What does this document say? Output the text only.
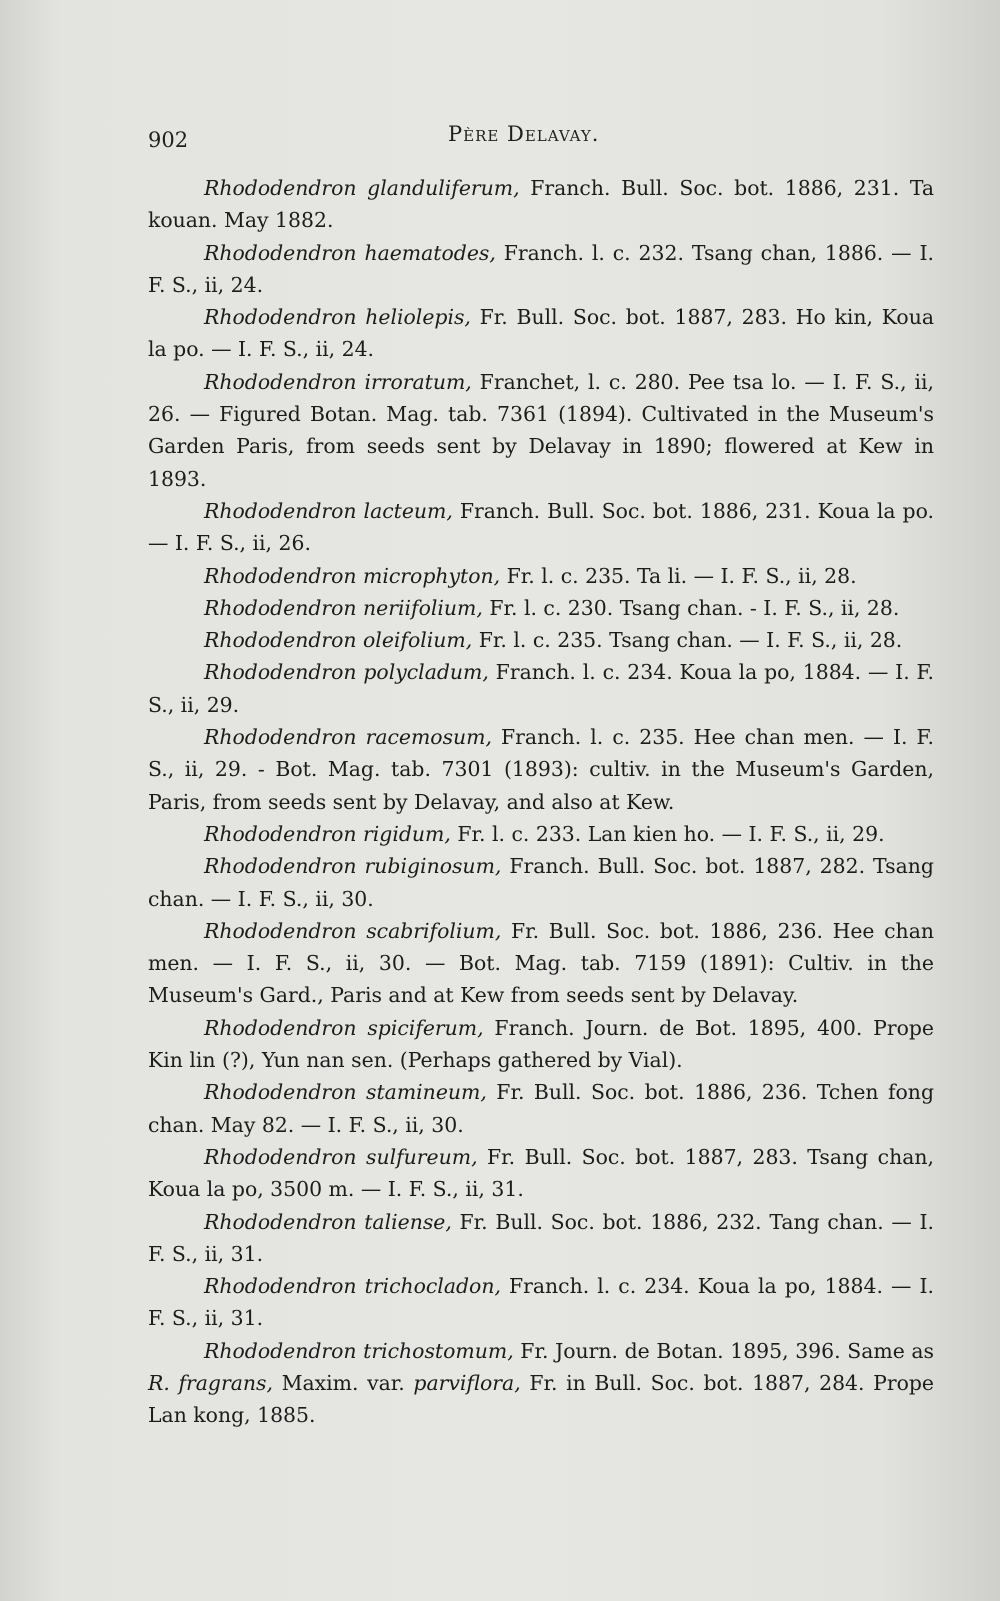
902	Père Delavay.

Rhododendron glanduliferum, Franch. Bull. Soc. bot. 1886, 231. Ta kouan. May 1882.

Rhododendron haematodes, Franch. l. c. 232. Tsang chan, 1886. — I. F. S., ii, 24.

Rhododendron heliolepis, Fr. Bull. Soc. bot. 1887, 283. Ho kin, Koua la po. — I. F. S., ii, 24.

Rhododendron irroratum, Franchet, l. c. 280. Pee tsa lo. — I. F. S., ii, 26. — Figured Botan. Mag. tab. 7361 (1894). Cultivated in the Museum's Garden Paris, from seeds sent by Delavay in 1890; flowered at Kew in 1893.

Rhododendron lacteum, Franch. Bull. Soc. bot. 1886, 231. Koua la po. — I. F. S., ii, 26.

Rhododendron microphyton, Fr. l. c. 235. Ta li. — I. F. S., ii, 28.

Rhododendron neriifolium, Fr. l. c. 230. Tsang chan. - I. F. S., ii, 28.

Rhododendron oleifolium, Fr. l. c. 235. Tsang chan. — I. F. S., ii, 28.

Rhododendron polycladum, Franch. l. c. 234. Koua la po, 1884. — I. F. S., ii, 29.

Rhododendron racemosum, Franch. l. c. 235. Hee chan men. — I. F. S., ii, 29. - Bot. Mag. tab. 7301 (1893): cultiv. in the Museum's Garden, Paris, from seeds sent by Delavay, and also at Kew.

Rhododendron rigidum, Fr. l. c. 233. Lan kien ho. — I. F. S., ii, 29.

Rhododendron rubiginosum, Franch. Bull. Soc. bot. 1887, 282. Tsang chan. — I. F. S., ii, 30.

Rhododendron scabrifolium, Fr. Bull. Soc. bot. 1886, 236. Hee chan men. — I. F. S., ii, 30. — Bot. Mag. tab. 7159 (1891): Cultiv. in the Museum's Gard., Paris and at Kew from seeds sent by Delavay.

Rhododendron spiciferum, Franch. Journ. de Bot. 1895, 400. Prope Kin lin (?), Yun nan sen. (Perhaps gathered by Vial).

Rhododendron stamineum, Fr. Bull. Soc. bot. 1886, 236. Tchen fong chan. May 82. — I. F. S., ii, 30.

Rhododendron sulfureum, Fr. Bull. Soc. bot. 1887, 283. Tsang chan, Koua la po, 3500 m. — I. F. S., ii, 31.

Rhododendron taliense, Fr. Bull. Soc. bot. 1886, 232. Tang chan. — I. F. S., ii, 31.

Rhododendron trichocladon, Franch. l. c. 234. Koua la po, 1884. — I. F. S., ii, 31.

Rhododendron trichostomum, Fr. Journ. de Botan. 1895, 396. Same as R. fragrans, Maxim. var. parviflora, Fr. in Bull. Soc. bot. 1887, 284. Prope Lan kong, 1885.
